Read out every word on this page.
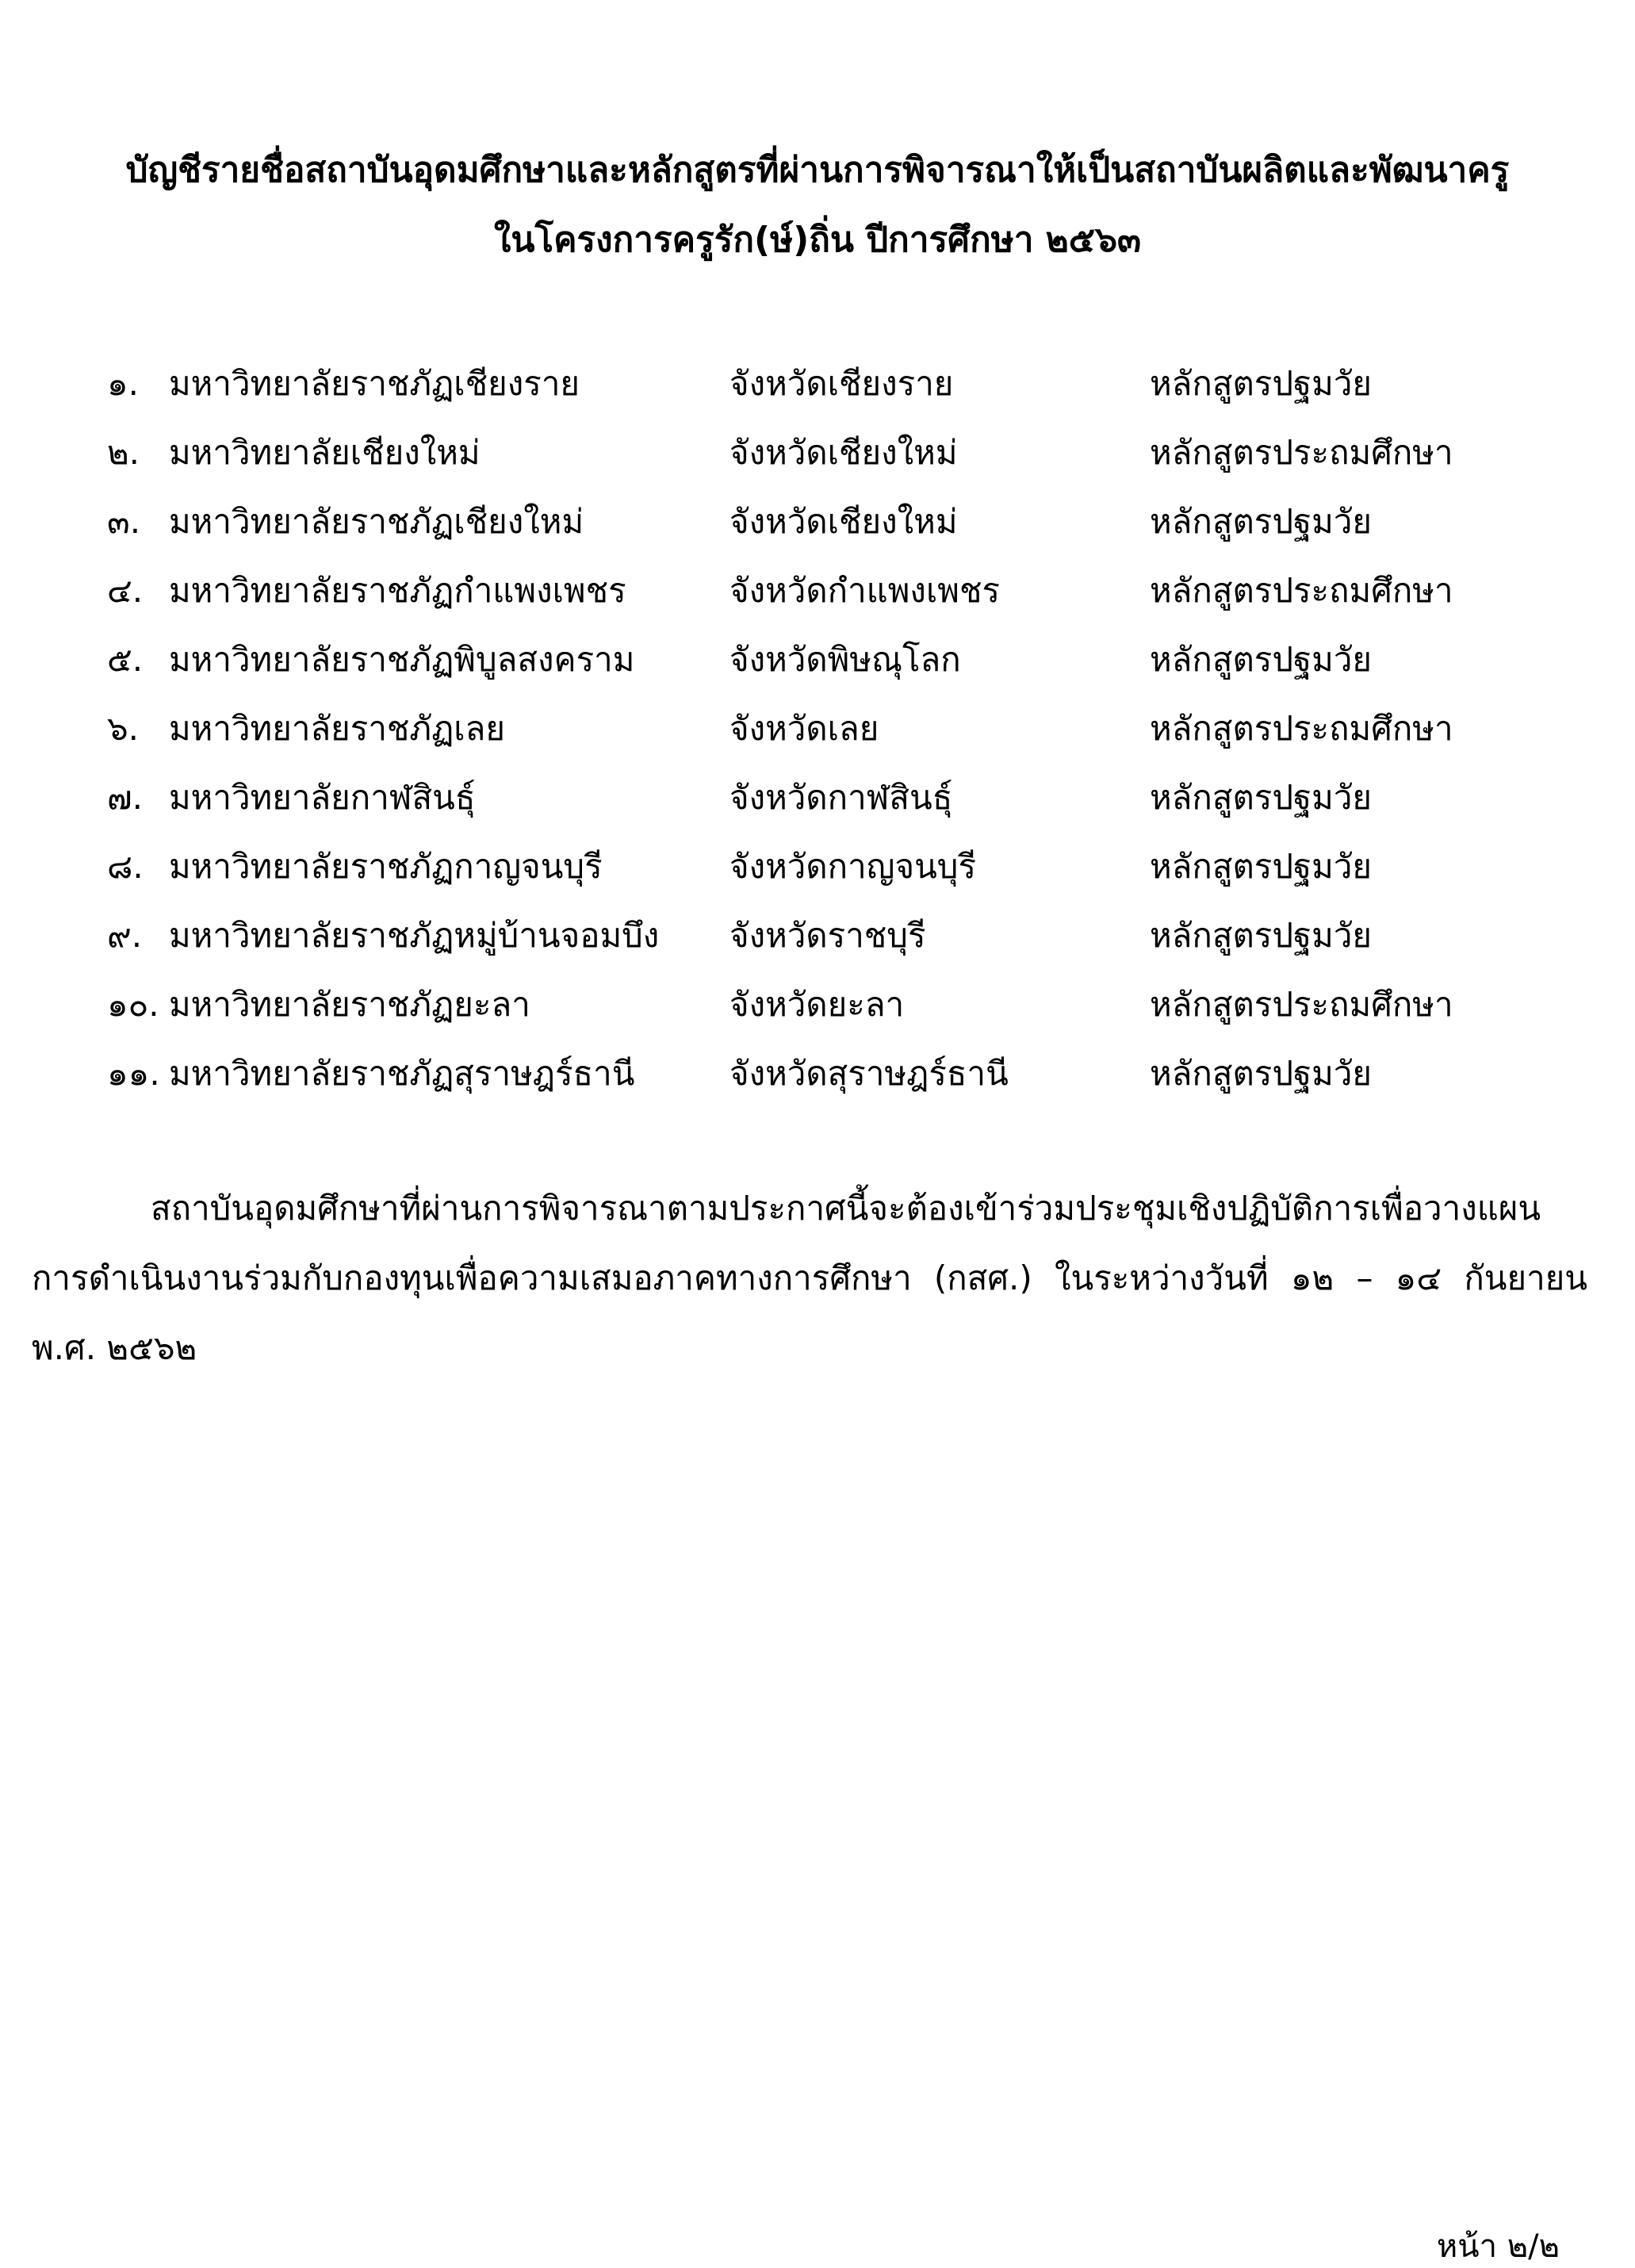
บัญชีรายชื่อสถาบันอุดมศึกษาและหลักสูตรที่ผ่านการพิจารณาให้เป็นสถาบันผลิตและพัฒนาครู
ในโครงการครูรัก(ษ์)ถิ่น ปีการศึกษา ๒๕๖๓
๑. มหาวิทยาลัยราชภัฏเชียงราย	จังหวัดเชียงราย	หลักสูตรปฐมวัย
๒. มหาวิทยาลัยเชียงใหม่	จังหวัดเชียงใหม่	หลักสูตรประถมศึกษา
๓. มหาวิทยาลัยราชภัฏเชียงใหม่	จังหวัดเชียงใหม่	หลักสูตรปฐมวัย
๔. มหาวิทยาลัยราชภัฏกำแพงเพชร	จังหวัดกำแพงเพชร	หลักสูตรประถมศึกษา
๕. มหาวิทยาลัยราชภัฏพิบูลสงคราม	จังหวัดพิษณุโลก	หลักสูตรปฐมวัย
๖. มหาวิทยาลัยราชภัฏเลย	จังหวัดเลย	หลักสูตรประถมศึกษา
๗. มหาวิทยาลัยกาฬสินธุ์	จังหวัดกาฬสินธุ์	หลักสูตรปฐมวัย
๘. มหาวิทยาลัยราชภัฏกาญจนบุรี	จังหวัดกาญจนบุรี	หลักสูตรปฐมวัย
๙. มหาวิทยาลัยราชภัฏหมู่บ้านจอมบึง จังหวัดราชบุรี	หลักสูตรปฐมวัย
๑๐. มหาวิทยาลัยราชภัฏยะลา	จังหวัดยะลา	หลักสูตรประถมศึกษา
๑๑. มหาวิทยาลัยราชภัฏสุราษฎร์ธานี	จังหวัดสุราษฎร์ธานี	หลักสูตรปฐมวัย

สถาบันอุดมศึกษาที่ผ่านการพิจารณาตามประกาศนี้จะต้องเข้าร่วมประชุมเชิงปฏิบัติการเพื่อวางแผนการดำเนินงานร่วมกับกองทุนเพื่อความเสมอภาคทางการศึกษา (กสศ.) ในระหว่างวันที่ ๑๒ – ๑๔ กันยายน พ.ศ. ๒๕๖๒

หน้า ๒/๒
